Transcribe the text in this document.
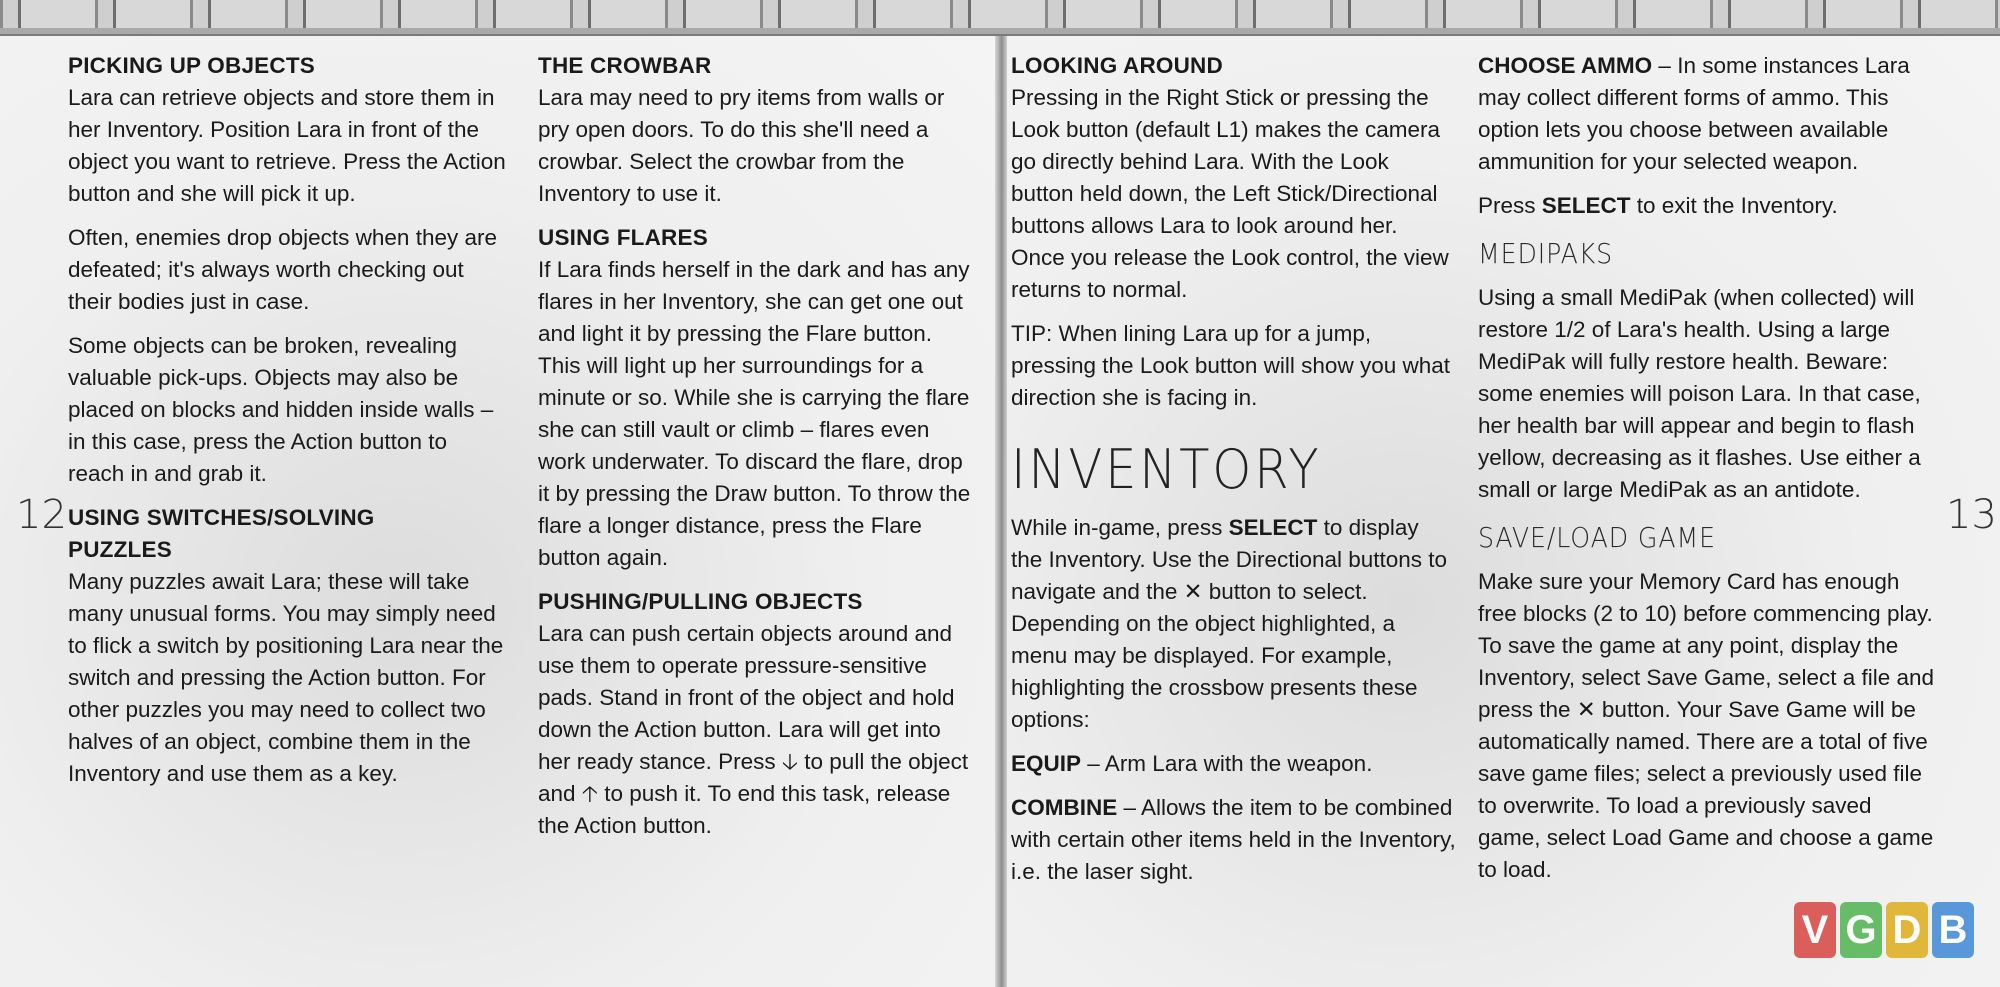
12	13
PICKING UP OBJECTS

Lara can retrieve objects and store them in her Inventory. Position Lara in front of the object you want to retrieve. Press the Action button and she will pick it up.

Often, enemies drop objects when they are defeated; it's always worth checking out their bodies just in case.

Some objects can be broken, revealing valuable pick-ups. Objects may also be placed on blocks and hidden inside walls – in this case, press the Action button to reach in and grab it.

USING SWITCHES/SOLVING PUZZLES

Many puzzles await Lara; these will take many unusual forms. You may simply need to flick a switch by positioning Lara near the switch and pressing the Action button. For other puzzles you may need to collect two halves of an object, combine them in the Inventory and use them as a key.

THE CROWBAR

Lara may need to pry items from walls or pry open doors. To do this she'll need a crowbar. Select the crowbar from the Inventory to use it.

USING FLARES

If Lara finds herself in the dark and has any flares in her Inventory, she can get one out and light it by pressing the Flare button. This will light up her surroundings for a minute or so. While she is carrying the flare she can still vault or climb – flares even work underwater. To discard the flare, drop it by pressing the Draw button. To throw the flare a longer distance, press the Flare button again.

PUSHING/PULLING OBJECTS

Lara can push certain objects around and use them to operate pressure-sensitive pads. Stand in front of the object and hold down the Action button. Lara will get into her ready stance. Press 🡣 to pull the object and 🡡 to push it. To end this task, release the Action button.

LOOKING AROUND

Pressing in the Right Stick or pressing the Look button (default L1) makes the camera go directly behind Lara. With the Look button held down, the Left Stick/Directional buttons allows Lara to look around her. Once you release the Look control, the view returns to normal.

TIP: When lining Lara up for a jump, pressing the Look button will show you what direction she is facing in.

INVENTORY

While in-game, press SELECT to display the Inventory. Use the Directional buttons to navigate and the ✕ button to select. Depending on the object highlighted, a menu may be displayed. For example, highlighting the crossbow presents these options:

EQUIP – Arm Lara with the weapon.

COMBINE – Allows the item to be combined with certain other items held in the Inventory, i.e. the laser sight.

CHOOSE AMMO – In some instances Lara may collect different forms of ammo. This option lets you choose between available ammunition for your selected weapon.

Press SELECT to exit the Inventory.

MEDIPAKS

Using a small MediPak (when collected) will restore 1/2 of Lara's health. Using a large MediPak will fully restore health. Beware: some enemies will poison Lara. In that case, her health bar will appear and begin to flash yellow, decreasing as it flashes. Use either a small or large MediPak as an antidote.

SAVE/LOAD GAME

Make sure your Memory Card has enough free blocks (2 to 10) before commencing play. To save the game at any point, display the Inventory, select Save Game, select a file and press the ✕ button. Your Save Game will be automatically named. There are a total of five save game files; select a previously used file to overwrite. To load a previously saved game, select Load Game and choose a game to load.

V G D B
